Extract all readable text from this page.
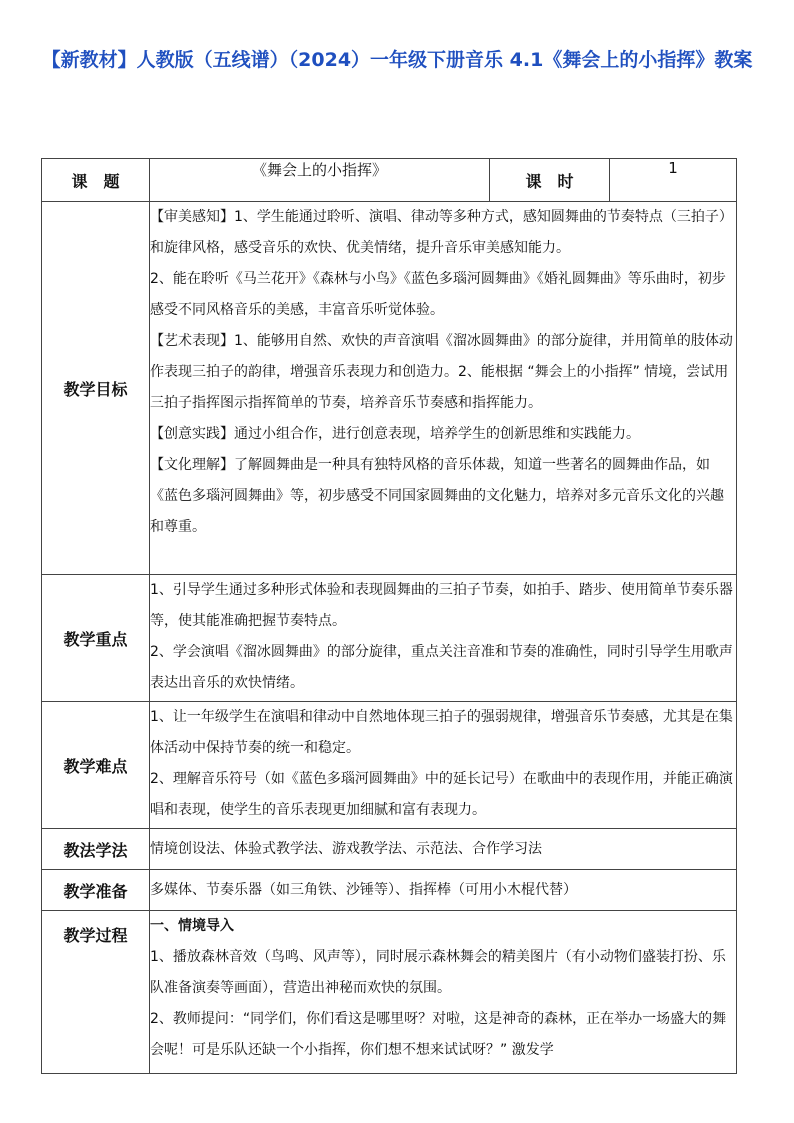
【新教材】人教版（五线谱）（2024）一年级下册音乐 4.1《舞会上的小指挥》教案
课　题	《舞会上的小指挥》	课　时	1
教学目标	【审美感知】1、学生能通过聆听、演唱、律动等多种方式，感知圆舞曲的节奏特点（三拍子）和旋律风格，感受音乐的欢快、优美情绪，提升音乐审美感知能力。

2、能在聆听《马兰花开》《森林与小鸟》《蓝色多瑙河圆舞曲》《婚礼圆舞曲》等乐曲时，初步感受不同风格音乐的美感，丰富音乐听觉体验。

【艺术表现】1、能够用自然、欢快的声音演唱《溜冰圆舞曲》的部分旋律，并用简单的肢体动作表现三拍子的韵律，增强音乐表现力和创造力。2、能根据 “舞会上的小指挥” 情境，尝试用三拍子指挥图示指挥简单的节奏，培养音乐节奏感和指挥能力。

【创意实践】通过小组合作，进行创意表现，培养学生的创新思维和实践能力。

【文化理解】了解圆舞曲是一种具有独特风格的音乐体裁，知道一些著名的圆舞曲作品，如《蓝色多瑙河圆舞曲》等，初步感受不同国家圆舞曲的文化魅力，培养对多元音乐文化的兴趣和尊重。		

教学重点	1、引导学生通过多种形式体验和表现圆舞曲的三拍子节奏，如拍手、踏步、使用简单节奏乐器等，使其能准确把握节奏特点。

2、学会演唱《溜冰圆舞曲》的部分旋律，重点关注音准和节奏的准确性，同时引导学生用歌声表达出音乐的欢快情绪。		

教学难点	1、让一年级学生在演唱和律动中自然地体现三拍子的强弱规律，增强音乐节奏感，尤其是在集体活动中保持节奏的统一和稳定。

2、理解音乐符号（如《蓝色多瑙河圆舞曲》中的延长记号）在歌曲中的表现作用，并能正确演唱和表现，使学生的音乐表现更加细腻和富有表现力。		

教法学法	情境创设法、体验式教学法、游戏教学法、示范法、合作学习法		
教学准备	多媒体、节奏乐器（如三角铁、沙锤等）、指挥棒（可用小木棍代替）		
教学过程	一、情境导入

1、播放森林音效（鸟鸣、风声等），同时展示森林舞会的精美图片（有小动物们盛装打扮、乐队准备演奏等画面），营造出神秘而欢快的氛围。

2、教师提问：“同学们，你们看这是哪里呀？对啦，这是神奇的森林，正在举办一场盛大的舞会呢！可是乐队还缺一个小指挥，你们想不想来试试呀？” 激发学		
